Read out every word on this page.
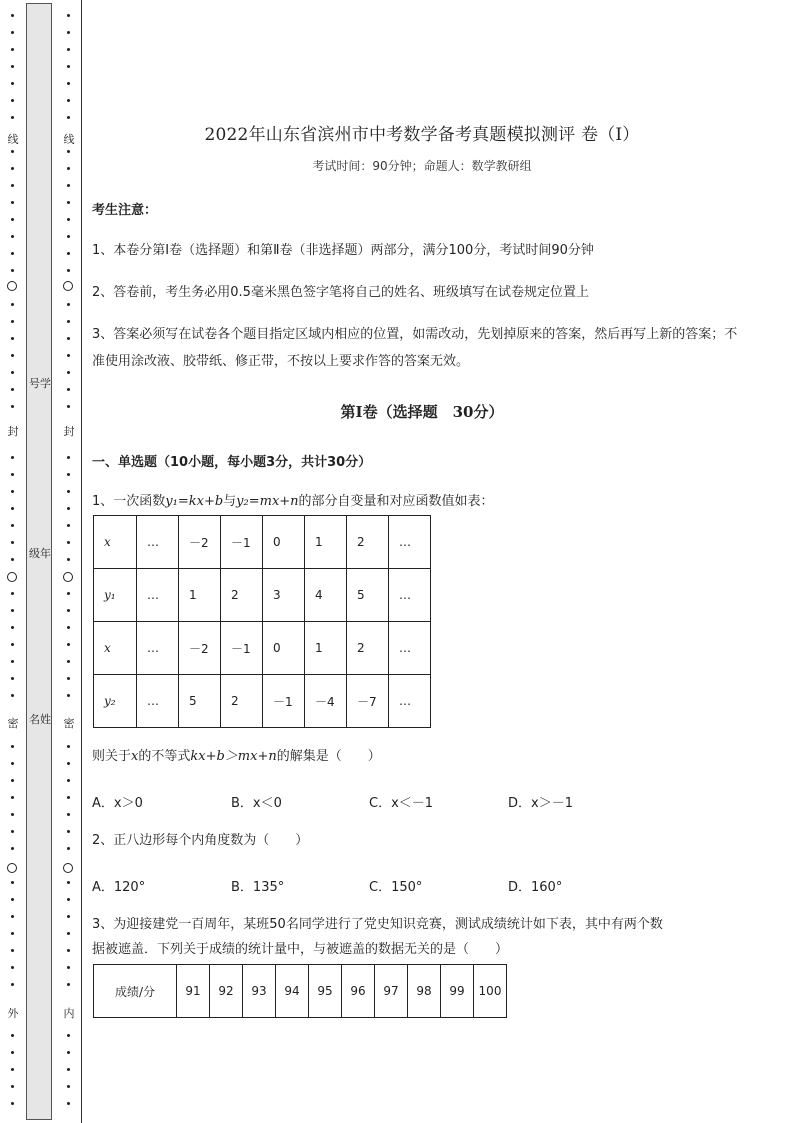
线
封
密
外
号学
级年
名姓
线
封
密
内
2022年山东省滨州市中考数学备考真题模拟测评 卷（Ⅰ）
考试时间：90分钟；命题人：数学教研组
考生注意：
1、本卷分第I卷（选择题）和第Ⅱ卷（非选择题）两部分，满分100分，考试时间90分钟
2、答卷前，考生务必用0.5毫米黑色签字笔将自己的姓名、班级填写在试卷规定位置上
3、答案必须写在试卷各个题目指定区域内相应的位置，如需改动，先划掉原来的答案，然后再写上新的答案；不准使用涂改液、胶带纸、修正带，不按以上要求作答的答案无效。
第Ⅰ卷（选择题　30分）
一、单选题（10小题，每小题3分，共计30分）
1、一次函数y₁=kx+b与y₂=mx+n的部分自变量和对应函数值如表：
x	…	－2	－1	0	1	2	…
y₁	…	1	2	3	4	5	…
x	…	－2	－1	0	1	2	…
y₂	…	5	2	－1	－4	－7	…
则关于x的不等式kx+b＞mx+n的解集是（　　）
A．x＞0	B．x＜0	C．x＜－1	D．x＞－1
2、正八边形每个内角度数为（　　）
A．120°	B．135°	C．150°	D．160°
3、为迎接建党一百周年，某班50名同学进行了党史知识竞赛，测试成绩统计如下表，其中有两个数
据被遮盖．下列关于成绩的统计量中，与被遮盖的数据无关的是（　　）
成绩/分	91	92	93	94	95	96	97	98	99	100
